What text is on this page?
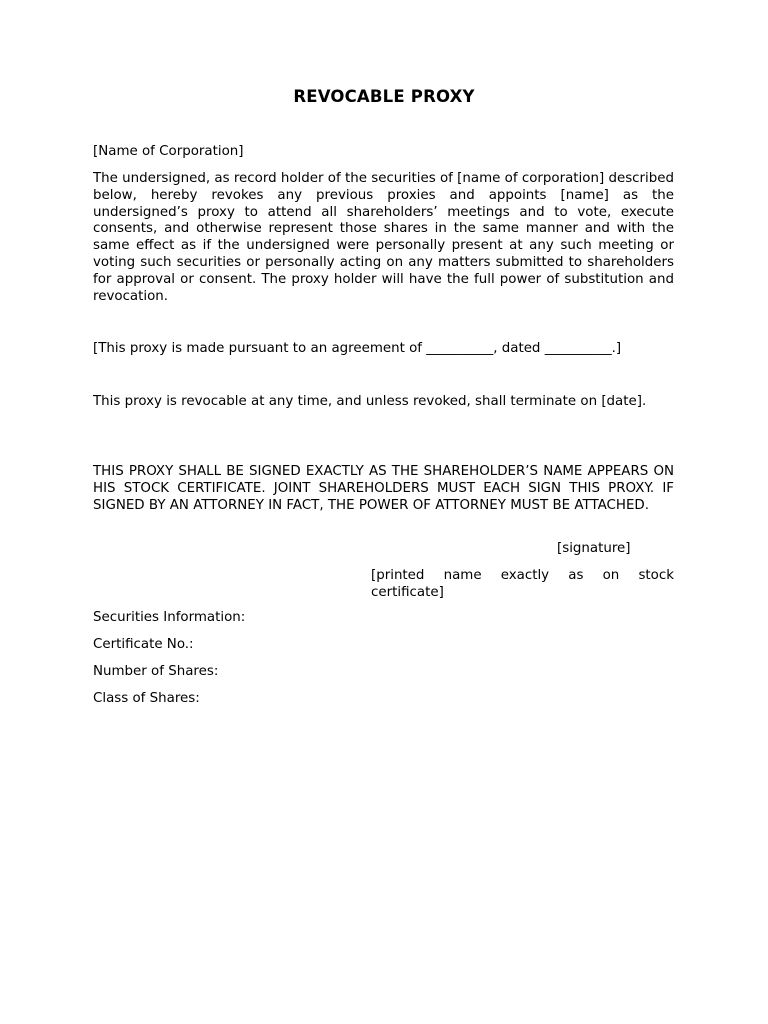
REVOCABLE PROXY

[Name of Corporation]

The undersigned, as record holder of the securities of [name of corporation] described below, hereby revokes any previous proxies and appoints [name] as the undersigned’s proxy to attend all shareholders’ meetings and to vote, execute consents, and otherwise represent those shares in the same manner and with the same effect as if the undersigned were personally present at any such meeting or voting such securities or personally acting on any matters submitted to shareholders for approval or consent. The proxy holder will have the full power of substitution and revocation.

[This proxy is made pursuant to an agreement of __________, dated __________.]

This proxy is revocable at any time, and unless revoked, shall terminate on [date].

THIS PROXY SHALL BE SIGNED EXACTLY AS THE SHAREHOLDER’S NAME APPEARS ON HIS STOCK CERTIFICATE. JOINT SHAREHOLDERS MUST EACH SIGN THIS PROXY. IF SIGNED BY AN ATTORNEY IN FACT, THE POWER OF ATTORNEY MUST BE ATTACHED.

[signature]

[printed name exactly as on stock certificate]

Securities Information:

Certificate No.:

Number of Shares:

Class of Shares:
